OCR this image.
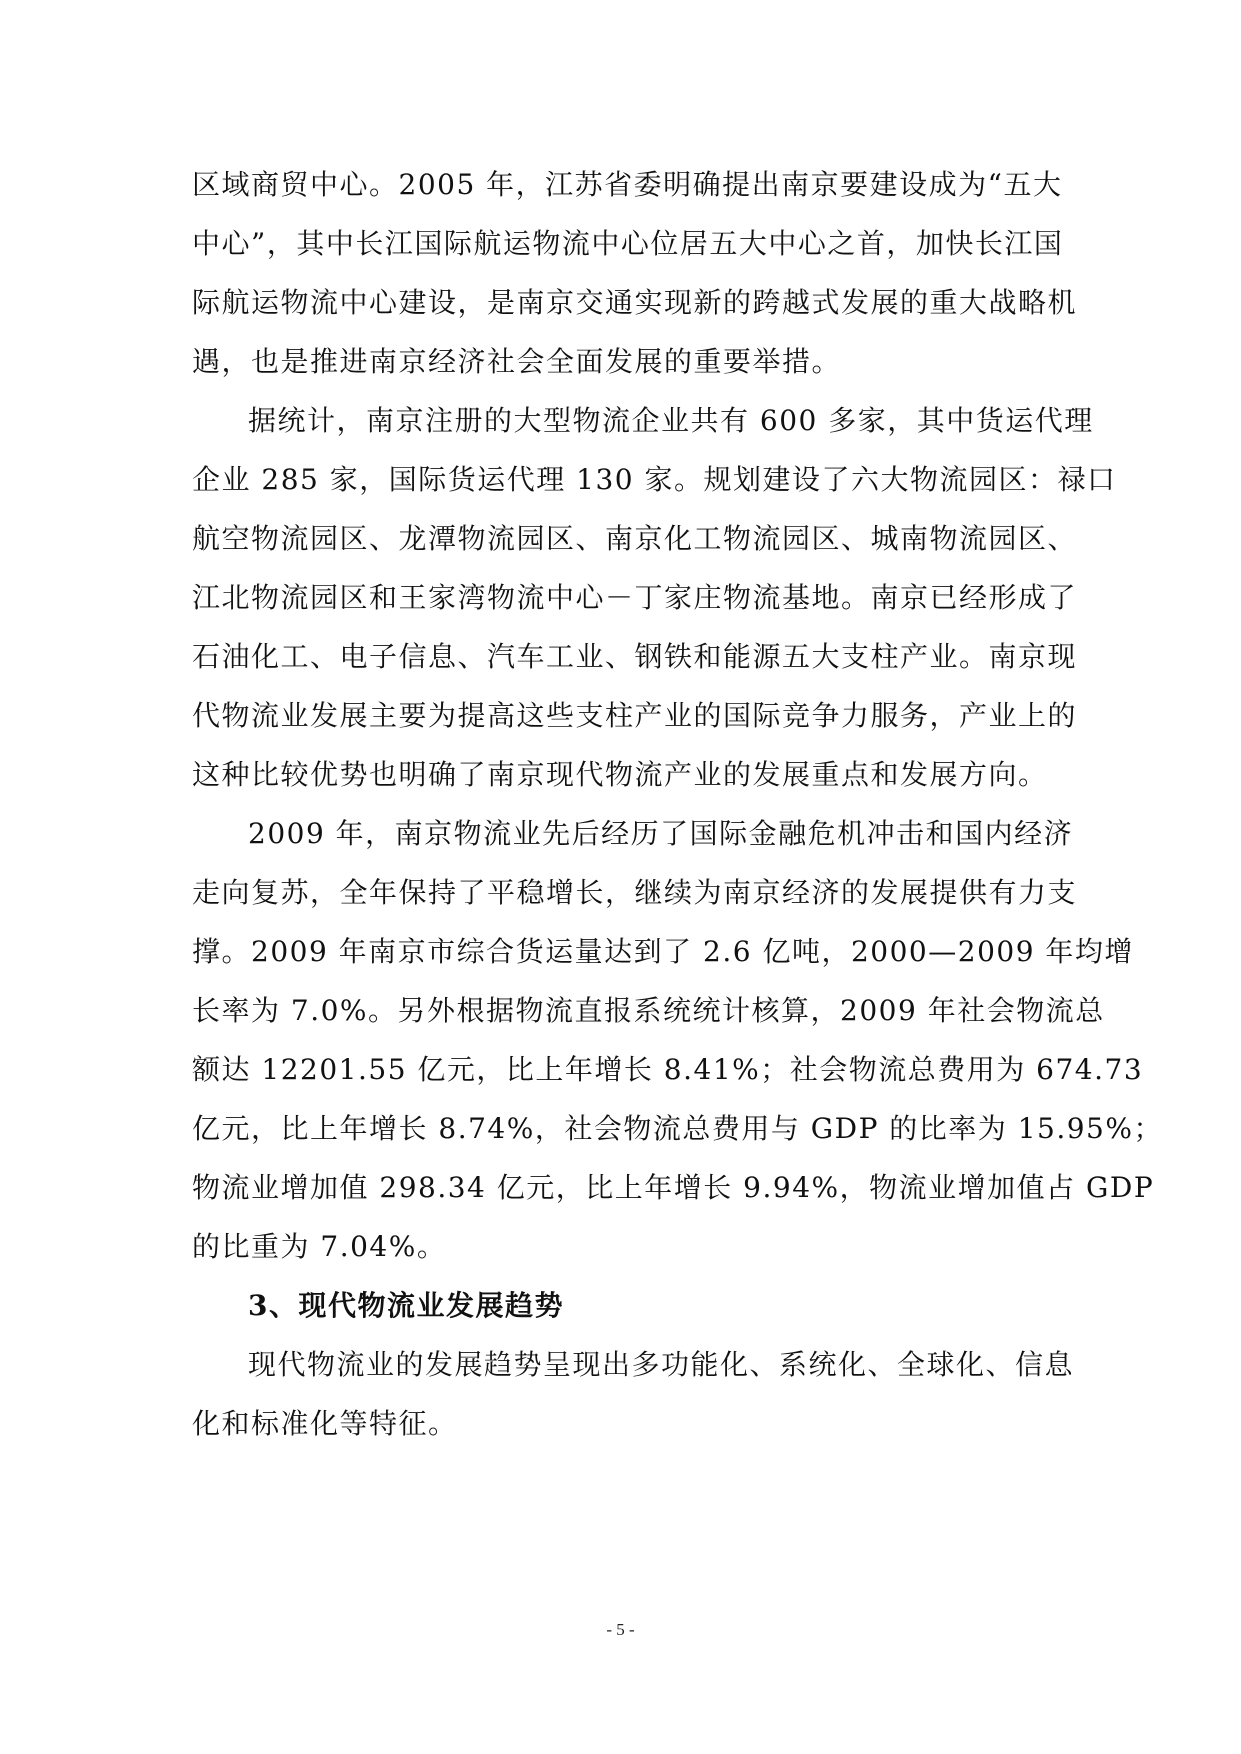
区域商贸中心。2005 年，江苏省委明确提出南京要建设成为“五大
中心”，其中长江国际航运物流中心位居五大中心之首，加快长江国
际航运物流中心建设，是南京交通实现新的跨越式发展的重大战略机
遇，也是推进南京经济社会全面发展的重要举措。
据统计，南京注册的大型物流企业共有 600 多家，其中货运代理
企业 285 家，国际货运代理 130 家。规划建设了六大物流园区：禄口
航空物流园区、龙潭物流园区、南京化工物流园区、城南物流园区、
江北物流园区和王家湾物流中心－丁家庄物流基地。南京已经形成了
石油化工、电子信息、汽车工业、钢铁和能源五大支柱产业。南京现
代物流业发展主要为提高这些支柱产业的国际竞争力服务，产业上的
这种比较优势也明确了南京现代物流产业的发展重点和发展方向。
2009 年，南京物流业先后经历了国际金融危机冲击和国内经济
走向复苏，全年保持了平稳增长，继续为南京经济的发展提供有力支
撑。2009 年南京市综合货运量达到了 2.6 亿吨，2000—2009 年均增
长率为 7.0%。另外根据物流直报系统统计核算，2009 年社会物流总
额达 12201.55 亿元，比上年增长 8.41%；社会物流总费用为 674.73
亿元，比上年增长 8.74%，社会物流总费用与 GDP 的比率为 15.95%；
物流业增加值 298.34 亿元，比上年增长 9.94%，物流业增加值占 GDP
的比重为 7.04%。
3、现代物流业发展趋势
现代物流业的发展趋势呈现出多功能化、系统化、全球化、信息
化和标准化等特征。
- 5 -
